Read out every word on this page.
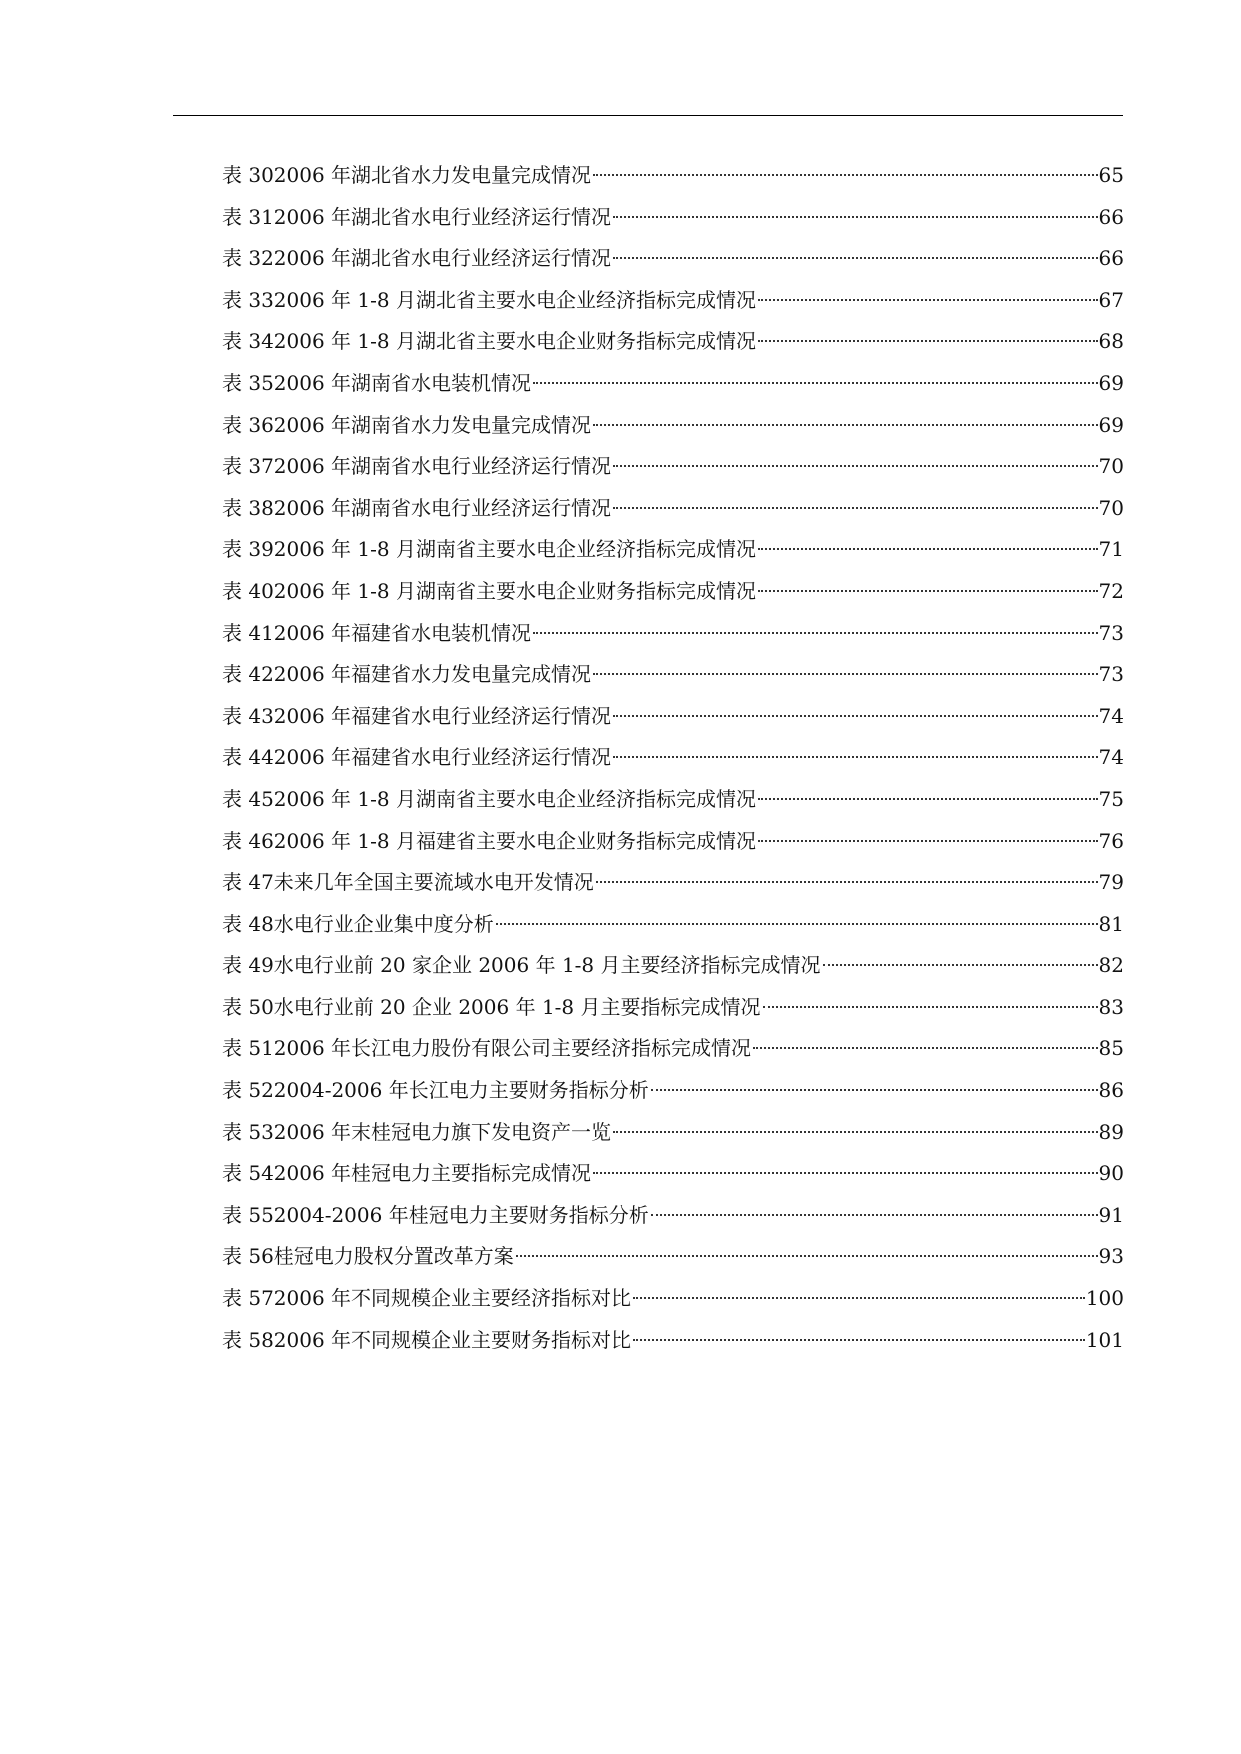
表 302006 年湖北省水力发电量完成情况	65
表 312006 年湖北省水电行业经济运行情况	66
表 322006 年湖北省水电行业经济运行情况	66
表 332006 年 1-8 月湖北省主要水电企业经济指标完成情况	67
表 342006 年 1-8 月湖北省主要水电企业财务指标完成情况	68
表 352006 年湖南省水电装机情况	69
表 362006 年湖南省水力发电量完成情况	69
表 372006 年湖南省水电行业经济运行情况	70
表 382006 年湖南省水电行业经济运行情况	70
表 392006 年 1-8 月湖南省主要水电企业经济指标完成情况	71
表 402006 年 1-8 月湖南省主要水电企业财务指标完成情况	72
表 412006 年福建省水电装机情况	73
表 422006 年福建省水力发电量完成情况	73
表 432006 年福建省水电行业经济运行情况	74
表 442006 年福建省水电行业经济运行情况	74
表 452006 年 1-8 月湖南省主要水电企业经济指标完成情况	75
表 462006 年 1-8 月福建省主要水电企业财务指标完成情况	76
表 47未来几年全国主要流域水电开发情况	79
表 48水电行业企业集中度分析	81
表 49水电行业前 20 家企业 2006 年 1-8 月主要经济指标完成情况	82
表 50水电行业前 20 企业 2006 年 1-8 月主要指标完成情况	83
表 512006 年长江电力股份有限公司主要经济指标完成情况	85
表 522004-2006 年长江电力主要财务指标分析	86
表 532006 年末桂冠电力旗下发电资产一览	89
表 542006 年桂冠电力主要指标完成情况	90
表 552004-2006 年桂冠电力主要财务指标分析	91
表 56桂冠电力股权分置改革方案	93
表 572006 年不同规模企业主要经济指标对比	100
表 582006 年不同规模企业主要财务指标对比	101
